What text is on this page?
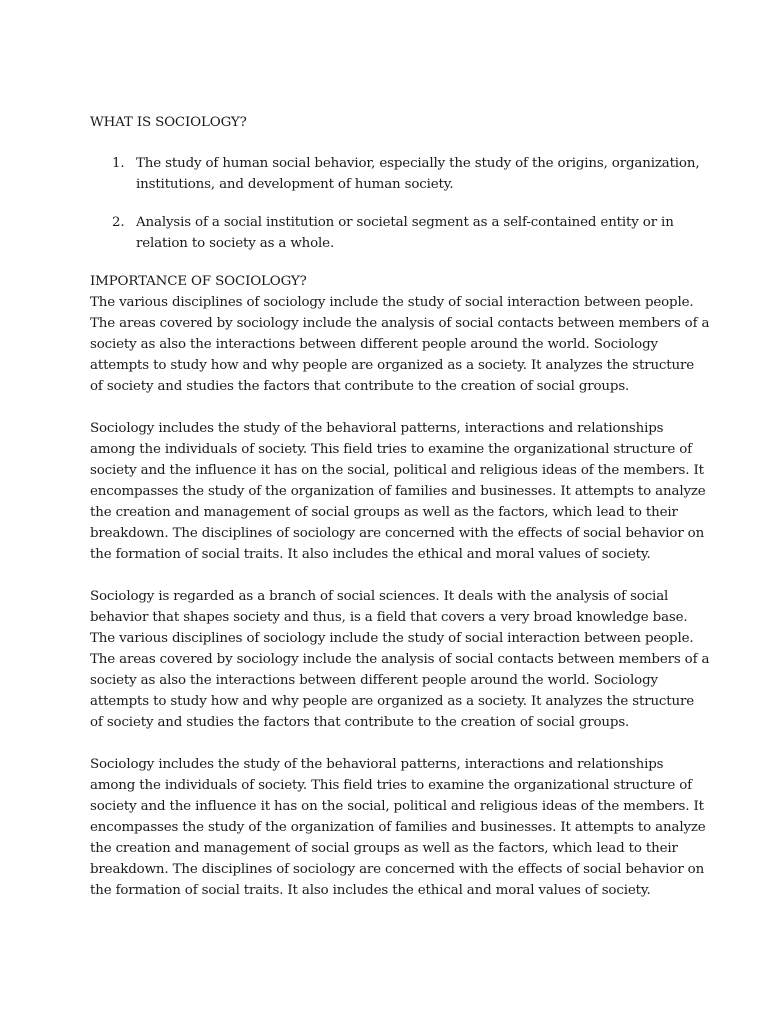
WHAT IS SOCIOLOGY?
1. The study of human social behavior, especially the study of the origins, organization,
institutions, and development of human society.
2. Analysis of a social institution or societal segment as a self-contained entity or in
relation to society as a whole.
IMPORTANCE OF SOCIOLOGY?
The various disciplines of sociology include the study of social interaction between people.
The areas covered by sociology include the analysis of social contacts between members of a
society as also the interactions between different people around the world. Sociology
attempts to study how and why people are organized as a society. It analyzes the structure
of society and studies the factors that contribute to the creation of social groups.
Sociology includes the study of the behavioral patterns, interactions and relationships
among the individuals of society. This field tries to examine the organizational structure of
society and the influence it has on the social, political and religious ideas of the members. It
encompasses the study of the organization of families and businesses. It attempts to analyze
the creation and management of social groups as well as the factors, which lead to their
breakdown. The disciplines of sociology are concerned with the effects of social behavior on
the formation of social traits. It also includes the ethical and moral values of society.
Sociology is regarded as a branch of social sciences. It deals with the analysis of social
behavior that shapes society and thus, is a field that covers a very broad knowledge base.
The various disciplines of sociology include the study of social interaction between people.
The areas covered by sociology include the analysis of social contacts between members of a
society as also the interactions between different people around the world. Sociology
attempts to study how and why people are organized as a society. It analyzes the structure
of society and studies the factors that contribute to the creation of social groups.
Sociology includes the study of the behavioral patterns, interactions and relationships
among the individuals of society. This field tries to examine the organizational structure of
society and the influence it has on the social, political and religious ideas of the members. It
encompasses the study of the organization of families and businesses. It attempts to analyze
the creation and management of social groups as well as the factors, which lead to their
breakdown. The disciplines of sociology are concerned with the effects of social behavior on
the formation of social traits. It also includes the ethical and moral values of society.
